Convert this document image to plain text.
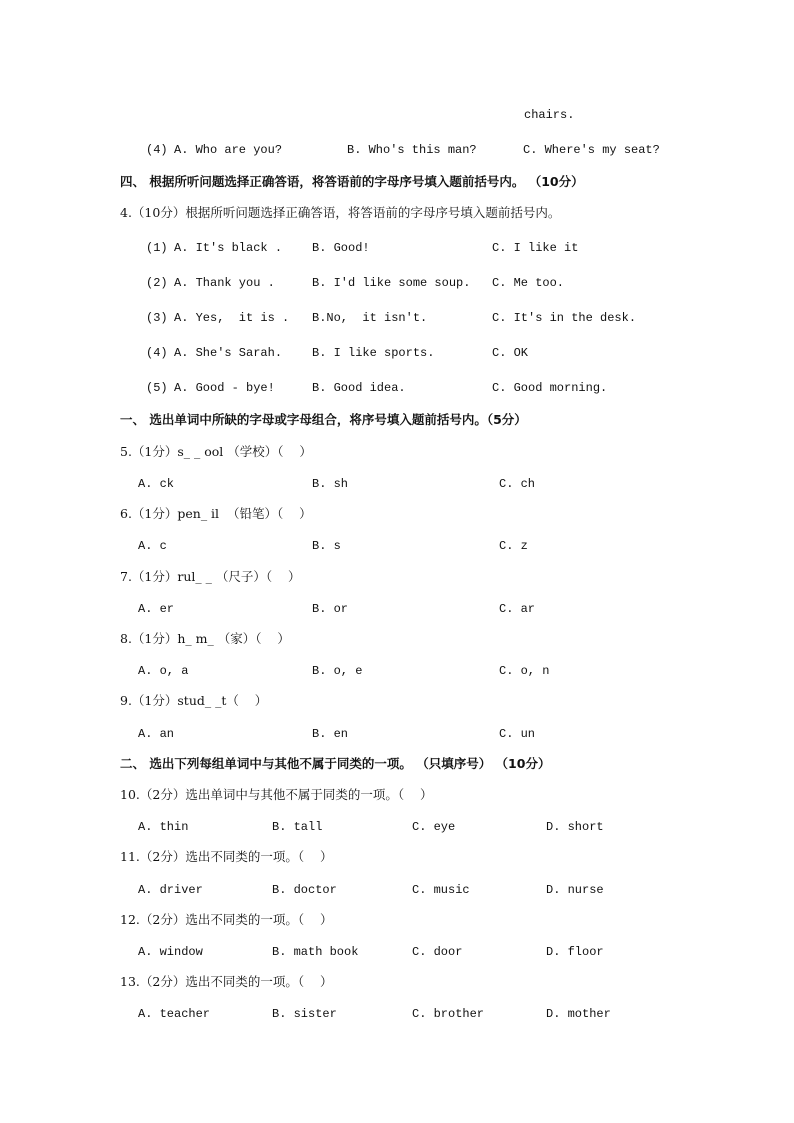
chairs.
(4) A. Who are you?	B. Who's this man?	C. Where's my seat?
四、 根据所听问题选择正确答语，将答语前的字母序号填入题前括号内。 （10分）
4.（10分）根据所听问题选择正确答语，将答语前的字母序号填入题前括号内。
(1) A. It's black . B. Good!	C. I like it
(2) A. Thank you .	B. I'd like some soup. C. Me too.
(3) A. Yes,  it is . B.No,  it isn't.	C. It's in the desk.
(4) A. She's Sarah. B. I like sports.	C. OK
(5) A. Good - bye!	B. Good idea.	C. Good morning.
一、 选出单词中所缺的字母或字母组合，将序号填入题前括号内。（5分）
5.（1分）s_ _ ool （学校）（    ）
A. ck	B. sh	C. ch
6.（1分）pen_ il  （铅笔）（    ）
A. c	B. s	C. z
7.（1分）rul_ _ （尺子）（    ）
A. er	B. or	C. ar
8.（1分）h_ m_ （家）（    ）
A. o, a	B. o, e	C. o, n
9.（1分）stud_ _t（    ）
A. an	B. en	C. un
二、 选出下列每组单词中与其他不属于同类的一项。 （只填序号） （10分）
10.（2分）选出单词中与其他不属于同类的一项。（    ）
A. thin	B. tall	C. eye	D. short
11.（2分）选出不同类的一项。（    ）
A. driver	B. doctor	C. music	D. nurse
12.（2分）选出不同类的一项。（    ）
A. window	B. math book	C. door	D. floor
13.（2分）选出不同类的一项。（    ）
A. teacher	B. sister	C. brother	D. mother
